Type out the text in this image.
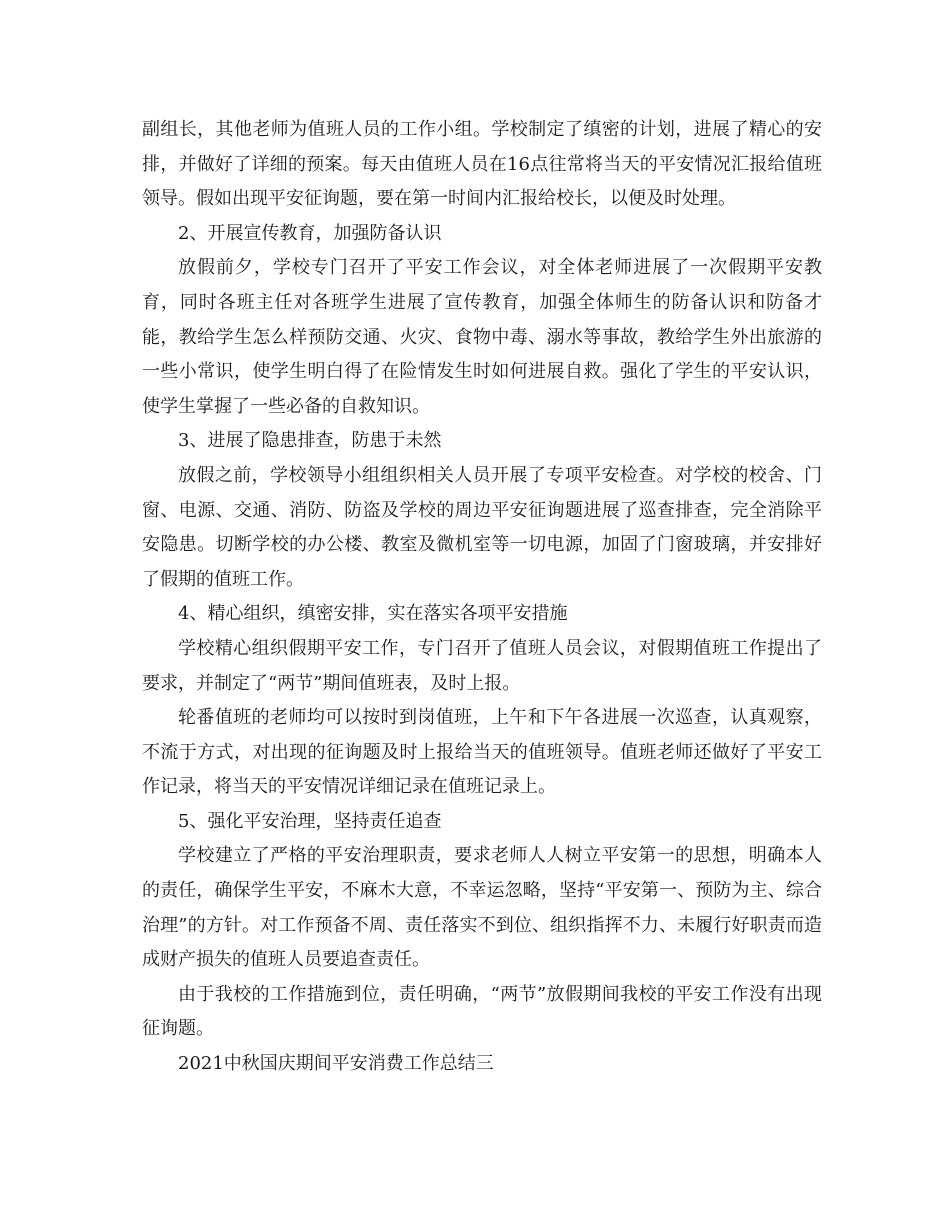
副组长，其他老师为值班人员的工作小组。学校制定了缜密的计划，进展了精心的安排，并做好了详细的预案。每天由值班人员在16点往常将当天的平安情况汇报给值班领导。假如出现平安征询题，要在第一时间内汇报给校长，以便及时处理。

2、开展宣传教育，加强防备认识

放假前夕，学校专门召开了平安工作会议，对全体老师进展了一次假期平安教育，同时各班主任对各班学生进展了宣传教育，加强全体师生的防备认识和防备才能，教给学生怎么样预防交通、火灾、食物中毒、溺水等事故，教给学生外出旅游的一些小常识，使学生明白得了在险情发生时如何进展自救。强化了学生的平安认识，使学生掌握了一些必备的自救知识。

3、进展了隐患排查，防患于未然

放假之前，学校领导小组组织相关人员开展了专项平安检查。对学校的校舍、门窗、电源、交通、消防、防盗及学校的周边平安征询题进展了巡查排查，完全消除平安隐患。切断学校的办公楼、教室及微机室等一切电源，加固了门窗玻璃，并安排好了假期的值班工作。

4、精心组织，缜密安排，实在落实各项平安措施

学校精心组织假期平安工作，专门召开了值班人员会议，对假期值班工作提出了要求，并制定了“两节”期间值班表，及时上报。

轮番值班的老师均可以按时到岗值班，上午和下午各进展一次巡查，认真观察，不流于方式，对出现的征询题及时上报给当天的值班领导。值班老师还做好了平安工作记录，将当天的平安情况详细记录在值班记录上。

5、强化平安治理，坚持责任追查

学校建立了严格的平安治理职责，要求老师人人树立平安第一的思想，明确本人的责任，确保学生平安，不麻木大意，不幸运忽略，坚持“平安第一、预防为主、综合治理”的方针。对工作预备不周、责任落实不到位、组织指挥不力、未履行好职责而造成财产损失的值班人员要追查责任。

由于我校的工作措施到位，责任明确，“两节”放假期间我校的平安工作没有出现征询题。

2021中秋国庆期间平安消费工作总结三
